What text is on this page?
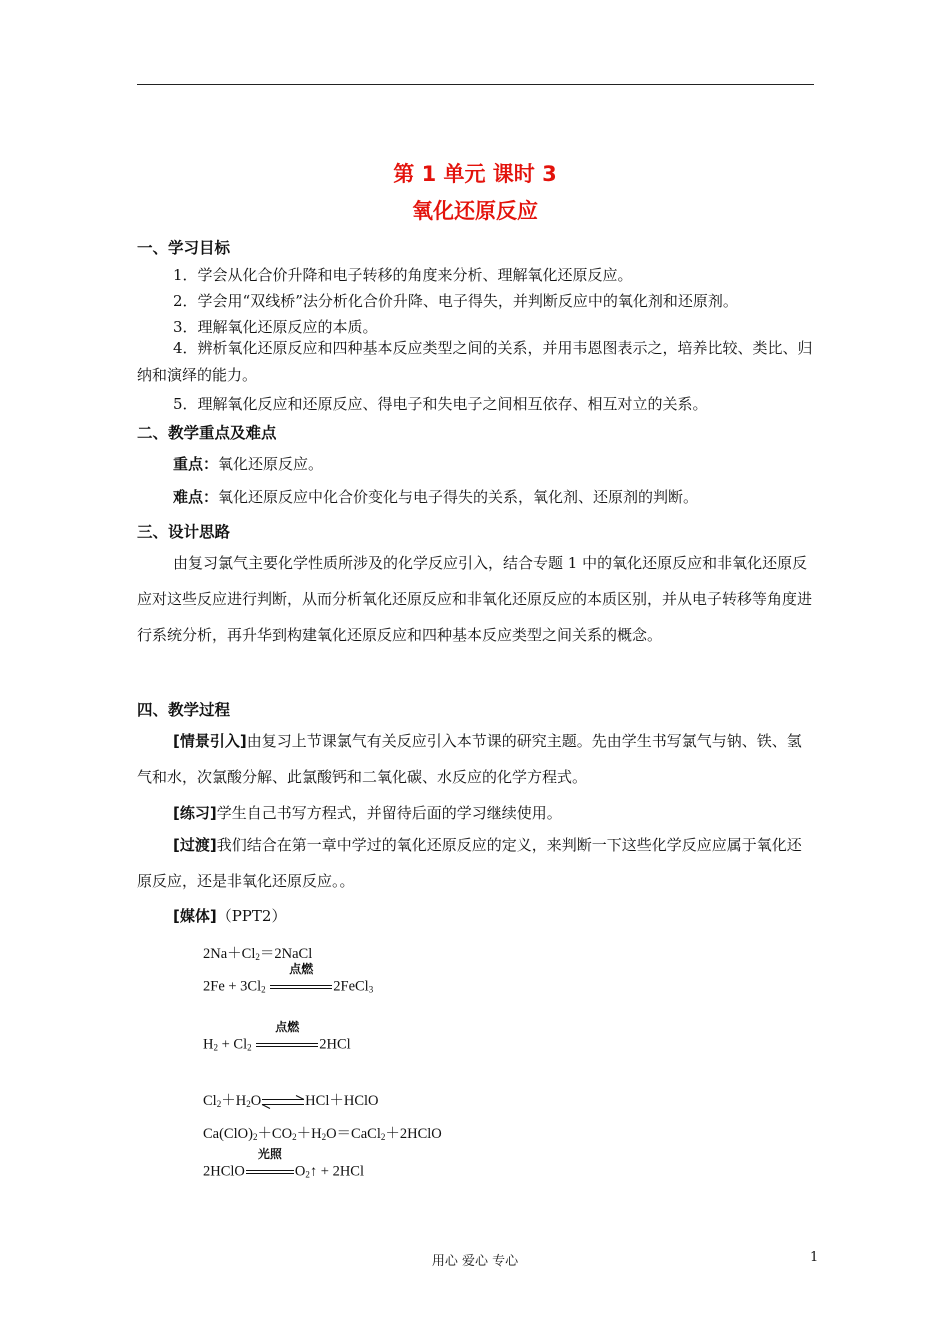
第 1 单元 课时 3
氧化还原反应
一、学习目标
1．学会从化合价升降和电子转移的角度来分析、理解氧化还原反应。
2．学会用“双线桥”法分析化合价升降、电子得失，并判断反应中的氧化剂和还原剂。
3．理解氧化还原反应的本质。
4．辨析氧化还原反应和四种基本反应类型之间的关系，并用韦恩图表示之，培养比较、类比、归纳和演绎的能力。
5．理解氧化反应和还原反应、得电子和失电子之间相互依存、相互对立的关系。
二、教学重点及难点
重点：氧化还原反应。
难点：氧化还原反应中化合价变化与电子得失的关系，氧化剂、还原剂的判断。
三、设计思路
由复习氯气主要化学性质所涉及的化学反应引入，结合专题 1 中的氧化还原反应和非氧化还原反应对这些反应进行判断，从而分析氧化还原反应和非氧化还原反应的本质区别，并从电子转移等角度进行系统分析，再升华到构建氧化还原反应和四种基本反应类型之间关系的概念。
四、教学过程
[情景引入]由复习上节课氯气有关反应引入本节课的研究主题。先由学生书写氯气与钠、铁、氢气和水，次氯酸分解、此氯酸钙和二氧化碳、水反应的化学方程式。
[练习]学生自己书写方程式，并留待后面的学习继续使用。
[过渡]我们结合在第一章中学过的氧化还原反应的定义，来判断一下这些化学反应应属于氧化还原反应，还是非氧化还原反应。。
[媒体]（PPT2）
$2Na+Cl_2=2NaCl$
$2Fe + 3Cl_2$
点燃
2FeCl$_3$
$H_2 + Cl_2$
点燃
2HCl
$Cl_2+H_2O\rightleftharpoons HCl+HClO$
$Ca(ClO)_2+CO_2+H_2O=CaCl_2+2HClO$
2HClO
光照
$O_2↑ + 2HCl$
用心 爱心 专心	1
